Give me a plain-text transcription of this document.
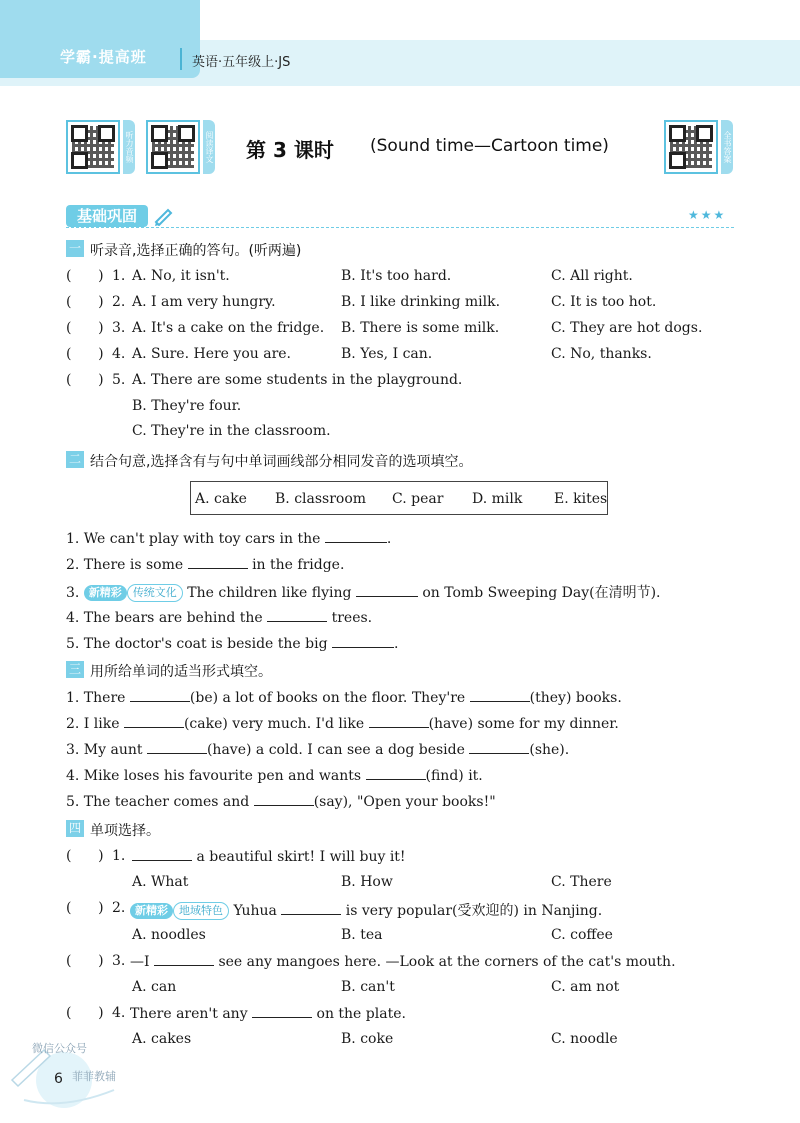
学霸·提高班	英语·五年级上·JS
听力音频	阅读译文	全书答案
第 3 课时 (Sound time—Cartoon time)
基础巩固	★★★
一 听录音,选择正确的答句。(听两遍)
(      ) 1. A. No, it isn't.	B. It's too hard.	C. All right.
(      ) 2. A. I am very hungry.	B. I like drinking milk.	C. It is too hot.
(      ) 3. A. It's a cake on the fridge. B. There is some milk.	C. They are hot dogs.
(      ) 4. A. Sure. Here you are.	B. Yes, I can.	C. No, thanks.
(      ) 5. A. There are some students in the playground.
B. They're four.
C. They're in the classroom.
二 结合句意,选择含有与句中单词画线部分相同发音的选项填空。
A. cake B. classroom C. pear D. milk E. kites
1. We can't play with toy cars in the	.
2. There is some	in the fridge.
3. 新精彩 传统文化 The children like flying	on Tomb Sweeping Day(在清明节).
4. The bears are behind the	trees.
5. The doctor's coat is beside the big	.
三 用所给单词的适当形式填空。
1. There	(be) a lot of books on the floor. They're	(they) books.
2. I like	(cake) very much. I'd like	(have) some for my dinner.
3. My aunt	(have) a cold. I can see a dog beside	(she).
4. Mike loses his favourite pen and wants	(find) it.
5. The teacher comes and	(say), "Open your books!"
四 单项选择。
(      ) 1.	a beautiful skirt! I will buy it!
A. What	B. How	C. There
(      ) 2. 新精彩 地域特色 Yuhua	is very popular(受欢迎的) in Nanjing.
A. noodles	B. tea	C. coffee
(      ) 3. —I	see any mangoes here. —Look at the corners of the cat's mouth.
A. can	B. can't	C. am not
(      ) 4. There aren't any	on the plate.
A. cakes	B. coke	C. noodle
微信公众号
6 菲菲教辅
